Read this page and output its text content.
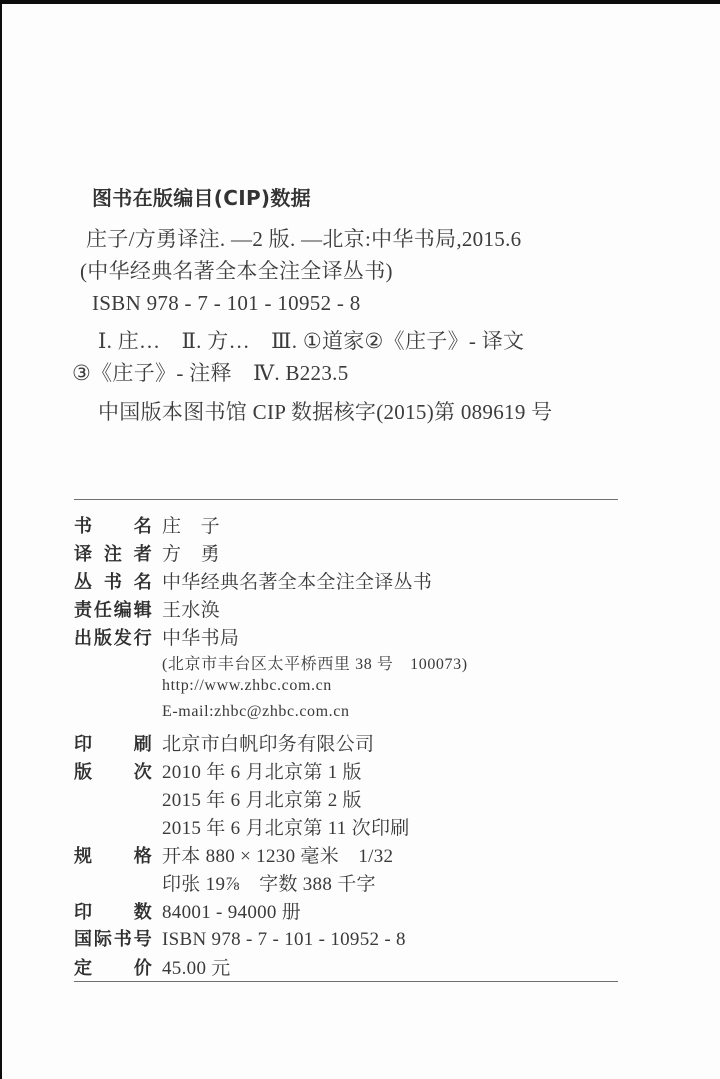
图书在版编目(CIP)数据
庄子/方勇译注. —2 版. —北京:中华书局,2015.6
(中华经典名著全本全注全译丛书)
ISBN 978 - 7 - 101 - 10952 - 8
Ⅰ. 庄…　Ⅱ. 方…　Ⅲ. ①道家②《庄子》- 译文
③《庄子》- 注释　Ⅳ. B223.5
中国版本图书馆 CIP 数据核字(2015)第 089619 号
书名 庄　子
译注者 方　勇
丛书名 中华经典名著全本全注全译丛书
责任编辑 王水涣
出版发行 中华书局
(北京市丰台区太平桥西里 38 号　100073)
http://www.zhbc.com.cn
E-mail:zhbc@zhbc.com.cn
印刷 北京市白帆印务有限公司
版次 2010 年 6 月北京第 1 版
2015 年 6 月北京第 2 版
2015 年 6 月北京第 11 次印刷
规格 开本 880 × 1230 毫米　1/32
印张 19⅞　字数 388 千字
印数 84001 - 94000 册
国际书号 ISBN 978 - 7 - 101 - 10952 - 8
定价 45.00 元
